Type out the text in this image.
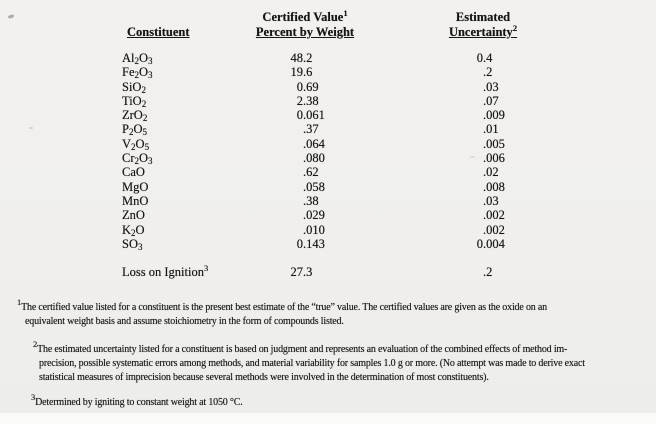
Certified Value$^1$	Estimated
Constituent	Percent by Weight	Uncertainty$^2$
$Al_2O_3$	48.2	0.4
$Fe_2O_3$	19.6	.2
SiO$_2$	0.69	.03
TiO$_2$	2.38	.07
ZrO$_2$	0.061	.009
$P_2O_5$	.37	.01
$V_2O_5$	.064	.005
$Cr_2O_3$	.080	.006
CaO	.62	.02
MgO	.058	.008
MnO	.38	.03
ZnO	.029	.002
$K_2O$	.010	.002
$SO_3$	0.143	0.004
Loss on Ignition$^3$	27.3	.2
$^1$The certified value listed for a constituent is the present best estimate of the “true” value. The certified values are given as the oxide on an
equivalent weight basis and assume stoichiometry in the form of compounds listed.
$^2$The estimated uncertainty listed for a constituent is based on judgment and represents an evaluation of the combined effects of method im-
precision, possible systematic errors among methods, and material variability for samples 1.0 g or more. (No attempt was made to derive exact
statistical measures of imprecision because several methods were involved in the determination of most constituents).
$^3$Determined by igniting to constant weight at 1050 °C.
